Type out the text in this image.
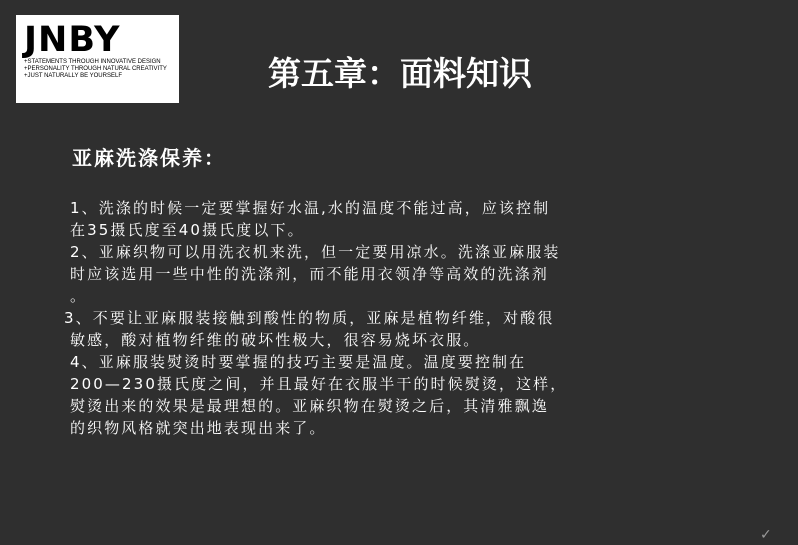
JNBY

+STATEMENTS THROUGH INNOVATIVE DESIGN

+PERSONALITY THROUGH NATURAL CREATIVITY

+JUST NATURALLY BE YOURSELF	第五章：面料知识
亚麻洗涤保养：

1、洗涤的时候一定要掌握好水温,水的温度不能过高，应该控制

在35摄氏度至40摄氏度以下。

2、亚麻织物可以用洗衣机来洗，但一定要用凉水。洗涤亚麻服装

时应该选用一些中性的洗涤剂，而不能用衣领净等高效的洗涤剂

。

3、不要让亚麻服装接触到酸性的物质，亚麻是植物纤维，对酸很

敏感，酸对植物纤维的破坏性极大，很容易烧坏衣服。

4、亚麻服装熨烫时要掌握的技巧主要是温度。温度要控制在

200—230摄氏度之间，并且最好在衣服半干的时候熨烫，这样，

熨烫出来的效果是最理想的。亚麻织物在熨烫之后，其清雅飘逸

的织物风格就突出地表现出来了。

✓
